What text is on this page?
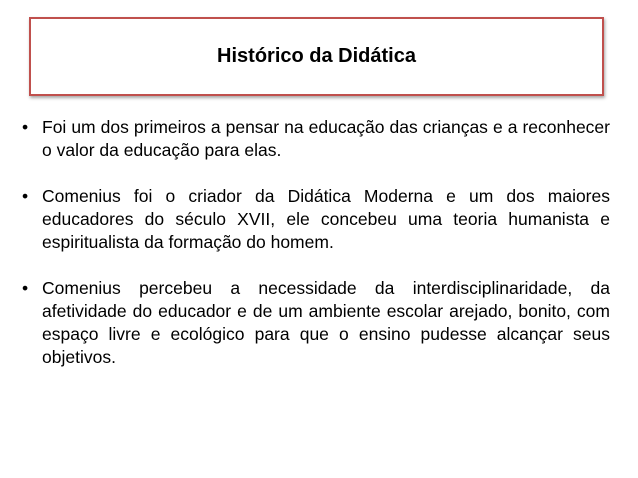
Histórico da Didática
• Foi um dos primeiros a pensar na educação das crianças e a reconhecer o valor da educação para elas.
• Comenius foi o criador da Didática Moderna e um dos maiores educadores do século XVII, ele concebeu uma teoria humanista e espiritualista da formação do homem.
• Comenius percebeu a necessidade da interdisciplinaridade, da afetividade do educador e de um ambiente escolar arejado, bonito, com espaço livre e ecológico para que o ensino pudesse alcançar seus objetivos.
